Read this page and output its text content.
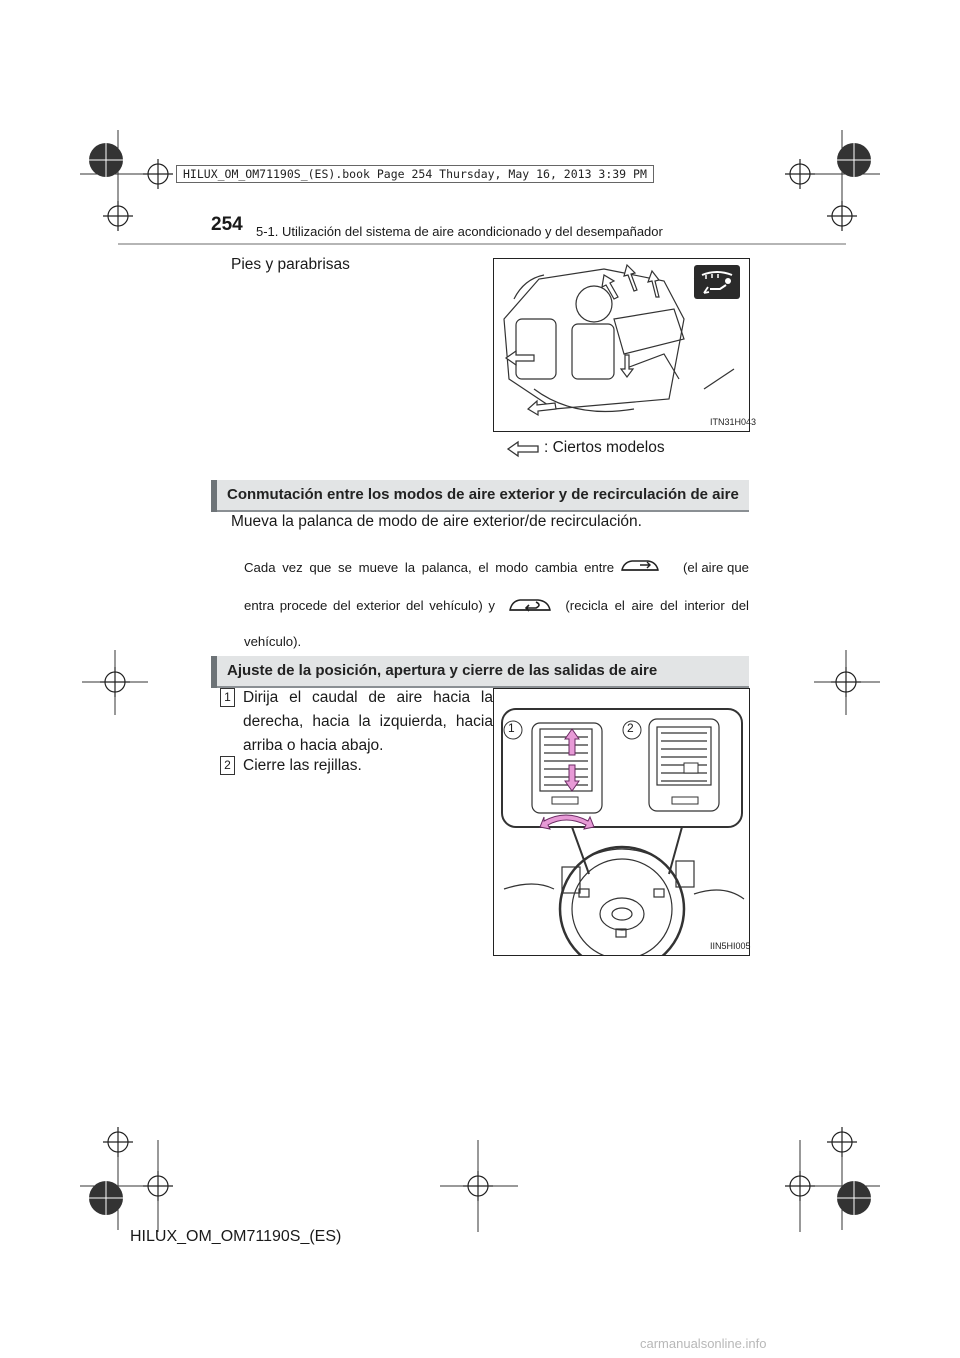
HILUX_OM_OM71190S_(ES).book Page 254 Thursday, May 16, 2013 3:39 PM
254 5-1. Utilización del sistema de aire acondicionado y del desempañador
Pies y parabrisas
ITN31H043
: Ciertos modelos
Conmutación entre los modos de aire exterior y de recirculación de aire
Mueva la palanca de modo de aire exterior/de recirculación.
Cada vez que se mueve la palanca, el modo cambia entre	(el aire que
entra procede del exterior del vehículo) y	(recicla el aire del interior del
vehículo).
Ajuste de la posición, apertura y cierre de las salidas de aire
1 Dirija el caudal de aire hacia la derecha, hacia la izquierda, hacia arriba o hacia abajo.
2 Cierre las rejillas.
1	2
IIN5HI005
HILUX_OM_OM71190S_(ES)
carmanualsonline.info
